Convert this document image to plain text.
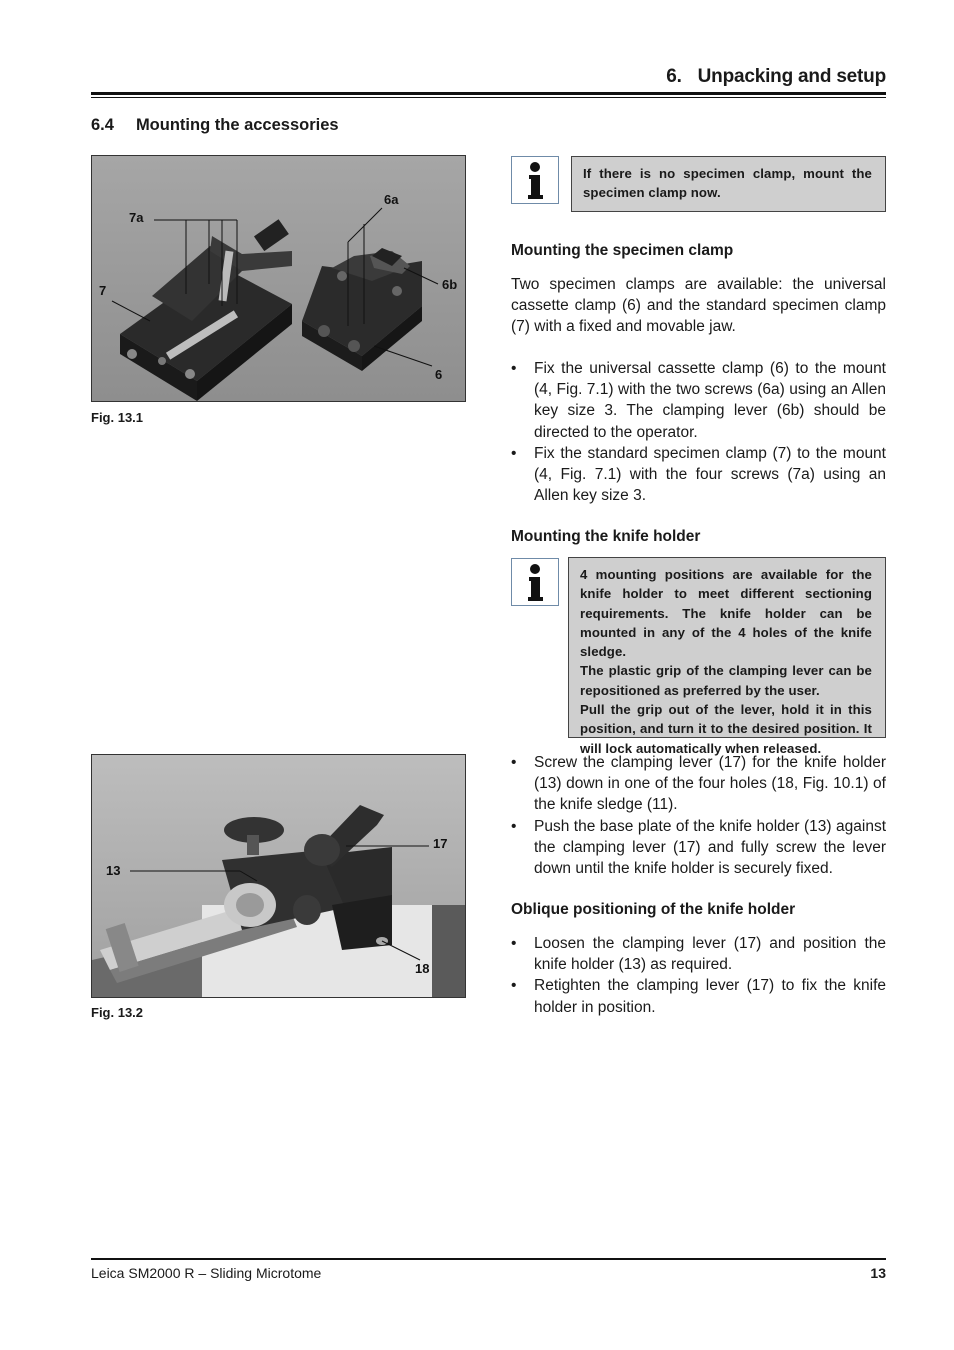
6. Unpacking and setup
6.4 Mounting the accessories
7a
7
6a
6b
6
Fig. 13.1
13
17
18
Fig. 13.2

If there is no specimen clamp, mount the specimen clamp now.

Mounting the specimen clamp

Two specimen clamps are available: the universal cassette clamp (6) and the standard specimen clamp (7) with a fixed and movable jaw.

• Fix the universal cassette clamp (6) to the mount (4, Fig. 7.1) with the two screws (6a) using an Allen key size 3. The clamping lever (6b) should be directed to the operator.
• Fix the standard specimen clamp (7) to the mount (4, Fig. 7.1) with the four screws (7a) using an Allen key size 3.
Mounting the knife holder

4 mounting positions are available for the knife holder to meet different sectioning requirements. The knife holder can be mounted in any of the 4 holes of the knife sledge.

The plastic grip of the clamping lever can be repositioned as preferred by the user.

Pull the grip out of the lever, hold it in this position, and turn it to the desired position. It will lock automatically when released.

• Screw the clamping lever (17) for the knife holder (13) down in one of the four holes (18, Fig. 10.1) of the knife sledge (11).
• Push the base plate of the knife holder (13) against the clamping lever (17) and fully screw the lever down until the knife holder is securely fixed.
Oblique positioning of the knife holder
• Loosen the clamping lever (17) and position the knife holder (13) as required.
• Retighten the clamping lever (17) to fix the knife holder in position.
Leica SM2000 R – Sliding Microtome	13
